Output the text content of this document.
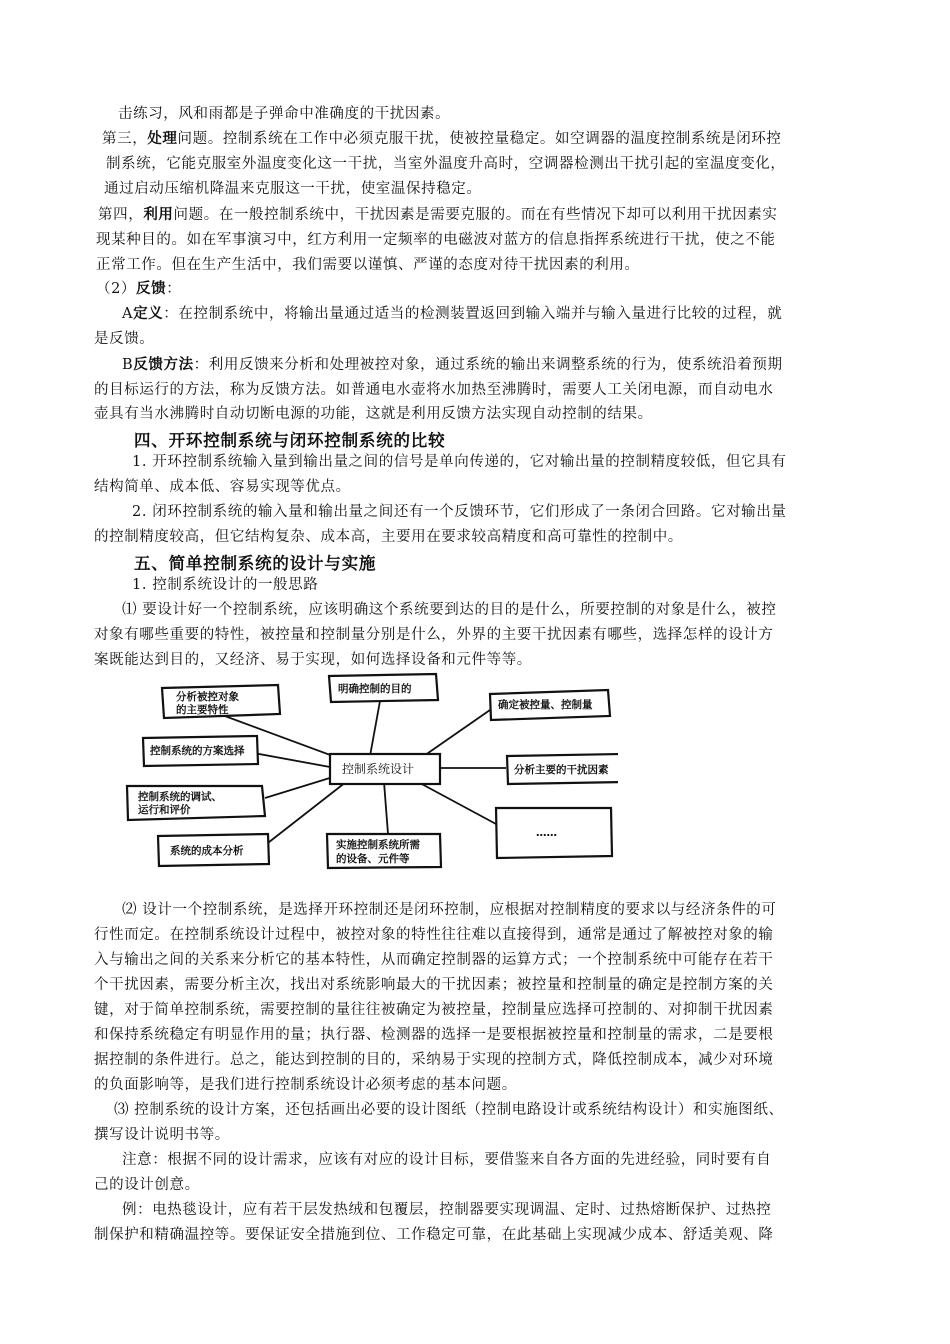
击练习，风和雨都是子弹命中准确度的干扰因素。
第三，处理问题。控制系统在工作中必须克服干扰，使被控量稳定。如空调器的温度控制系统是闭环控
制系统，它能克服室外温度变化这一干扰，当室外温度升高时，空调器检测出干扰引起的室温度变化，
通过启动压缩机降温来克服这一干扰，使室温保持稳定。
第四，利用问题。在一般控制系统中，干扰因素是需要克服的。而在有些情况下却可以利用干扰因素实
现某种目的。如在军事演习中，红方利用一定频率的电磁波对蓝方的信息指挥系统进行干扰，使之不能
正常工作。但在生产生活中，我们需要以谨慎、严谨的态度对待干扰因素的利用。
（2）反馈：
A定义：在控制系统中，将输出量通过适当的检测装置返回到输入端并与输入量进行比较的过程，就
是反馈。
B反馈方法：利用反馈来分析和处理被控对象，通过系统的输出来调整系统的行为，使系统沿着预期
的目标运行的方法，称为反馈方法。如普通电水壶将水加热至沸腾时，需要人工关闭电源，而自动电水
壶具有当水沸腾时自动切断电源的功能，这就是利用反馈方法实现自动控制的结果。
四、开环控制系统与闭环控制系统的比较
1. 开环控制系统输入量到输出量之间的信号是单向传递的，它对输出量的控制精度较低，但它具有
结构简单、成本低、容易实现等优点。
2. 闭环控制系统的输入量和输出量之间还有一个反馈环节，它们形成了一条闭合回路。它对输出量
的控制精度较高，但它结构复杂、成本高，主要用在要求较高精度和高可靠性的控制中。
五、简单控制系统的设计与实施
1. 控制系统设计的一般思路
⑴ 要设计好一个控制系统，应该明确这个系统要到达的目的是什么，所要控制的对象是什么，被控
对象有哪些重要的特性，被控量和控制量分别是什么，外界的主要干扰因素有哪些，选择怎样的设计方
案既能达到目的，又经济、易于实现，如何选择设备和元件等等。
控制系统设计
分析被控对象
的主要特性
明确控制的目的
确定被控量、控制量
控制系统的方案选择
分析主要的干扰因素
控制系统的调试、
运行和评价
系统的成本分析	实施控制系统所需
的设备、元件等
……
⑵ 设计一个控制系统，是选择开环控制还是闭环控制，应根据对控制精度的要求以与经济条件的可
行性而定。在控制系统设计过程中，被控对象的特性往往难以直接得到，通常是通过了解被控对象的输
入与输出之间的关系来分析它的基本特性，从而确定控制器的运算方式；一个控制系统中可能存在若干
个干扰因素，需要分析主次，找出对系统影响最大的干扰因素；被控量和控制量的确定是控制方案的关
键，对于简单控制系统，需要控制的量往往被确定为被控量，控制量应选择可控制的、对抑制干扰因素
和保持系统稳定有明显作用的量；执行器、检测器的选择一是要根据被控量和控制量的需求，二是要根
据控制的条件进行。总之，能达到控制的目的，采纳易于实现的控制方式，降低控制成本，减少对环境
的负面影响等，是我们进行控制系统设计必须考虑的基本问题。
⑶ 控制系统的设计方案，还包括画出必要的设计图纸（控制电路设计或系统结构设计）和实施图纸、
撰写设计说明书等。
注意：根据不同的设计需求，应该有对应的设计目标，要借鉴来自各方面的先进经验，同时要有自
己的设计创意。
例：电热毯设计，应有若干层发热绒和包覆层，控制器要实现调温、定时、过热熔断保护、过热控
制保护和精确温控等。要保证安全措施到位、工作稳定可靠，在此基础上实现减少成本、舒适美观、降
